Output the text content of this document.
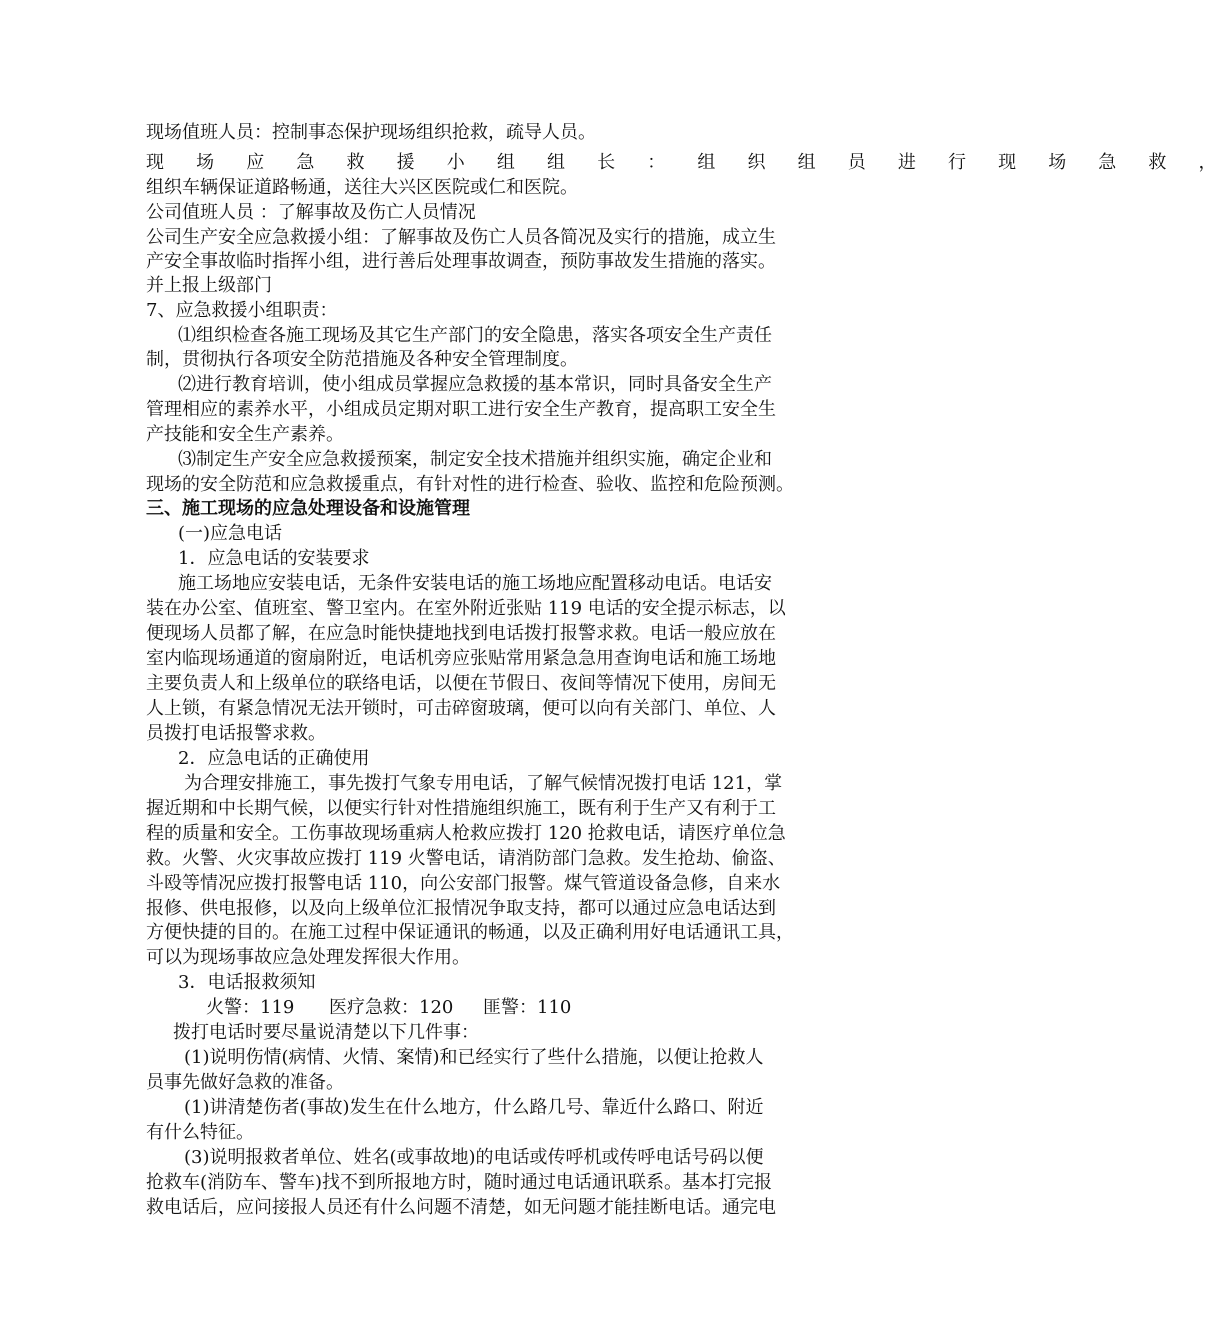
现场值班人员：控制事态保护现场组织抢救，疏导人员。
现 场 应 急 救 援 小 组 组 长 ： 组 织 组 员 进 行 现 场 急 救 ，
组织车辆保证道路畅通，送往大兴区医院或仁和医院。
公司值班人员 ：了解事故及伤亡人员情况
公司生产安全应急救援小组：了解事故及伤亡人员各简况及实行的措施，成立生
产安全事故临时指挥小组，进行善后处理事故调查，预防事故发生措施的落实。
并上报上级部门
7、应急救援小组职责：
⑴组织检查各施工现场及其它生产部门的安全隐患，落实各项安全生产责任
制，贯彻执行各项安全防范措施及各种安全管理制度。
⑵进行教育培训，使小组成员掌握应急救援的基本常识，同时具备安全生产
管理相应的素养水平，小组成员定期对职工进行安全生产教育，提高职工安全生
产技能和安全生产素养。
⑶制定生产安全应急救援预案，制定安全技术措施并组织实施，确定企业和
现场的安全防范和应急救援重点，有针对性的进行检查、验收、监控和危险预测。
三、施工现场的应急处理设备和设施管理
(一)应急电话
1．应急电话的安装要求
施工场地应安装电话，无条件安装电话的施工场地应配置移动电话。电话安
装在办公室、值班室、警卫室内。在室外附近张贴 119 电话的安全提示标志，以
便现场人员都了解，在应急时能快捷地找到电话拨打报警求救。电话一般应放在
室内临现场通道的窗扇附近，电话机旁应张贴常用紧急急用查询电话和施工场地
主要负责人和上级单位的联络电话，以便在节假日、夜间等情况下使用，房间无
人上锁，有紧急情况无法开锁时，可击碎窗玻璃，便可以向有关部门、单位、人
员拨打电话报警求救。
2．应急电话的正确使用
为合理安排施工，事先拨打气象专用电话，了解气候情况拨打电话 121，掌
握近期和中长期气候，以便实行针对性措施组织施工，既有利于生产又有利于工
程的质量和安全。工伤事故现场重病人枪救应拨打 120 抢救电话，请医疗单位急
救。火警、火灾事故应拨打 119 火警电话，请消防部门急救。发生抢劫、偷盗、
斗殴等情况应拨打报警电话 110，向公安部门报警。煤气管道设备急修，自来水
报修、供电报修，以及向上级单位汇报情况争取支持，都可以通过应急电话达到
方便快捷的目的。在施工过程中保证通讯的畅通，以及正确利用好电话通讯工具，
可以为现场事故应急处理发挥很大作用。
3．电话报救须知
火警：119 医疗急救：120 匪警：110
拨打电话时要尽量说清楚以下几件事：
(1)说明伤情(病情、火情、案情)和已经实行了些什么措施，以便让抢救人
员事先做好急救的准备。
(1)讲清楚伤者(事故)发生在什么地方，什么路几号、靠近什么路口、附近
有什么特征。
(3)说明报救者单位、姓名(或事故地)的电话或传呼机或传呼电话号码以便
抢救车(消防车、警车)找不到所报地方时，随时通过电话通讯联系。基本打完报
救电话后，应问接报人员还有什么问题不清楚，如无问题才能挂断电话。通完电
